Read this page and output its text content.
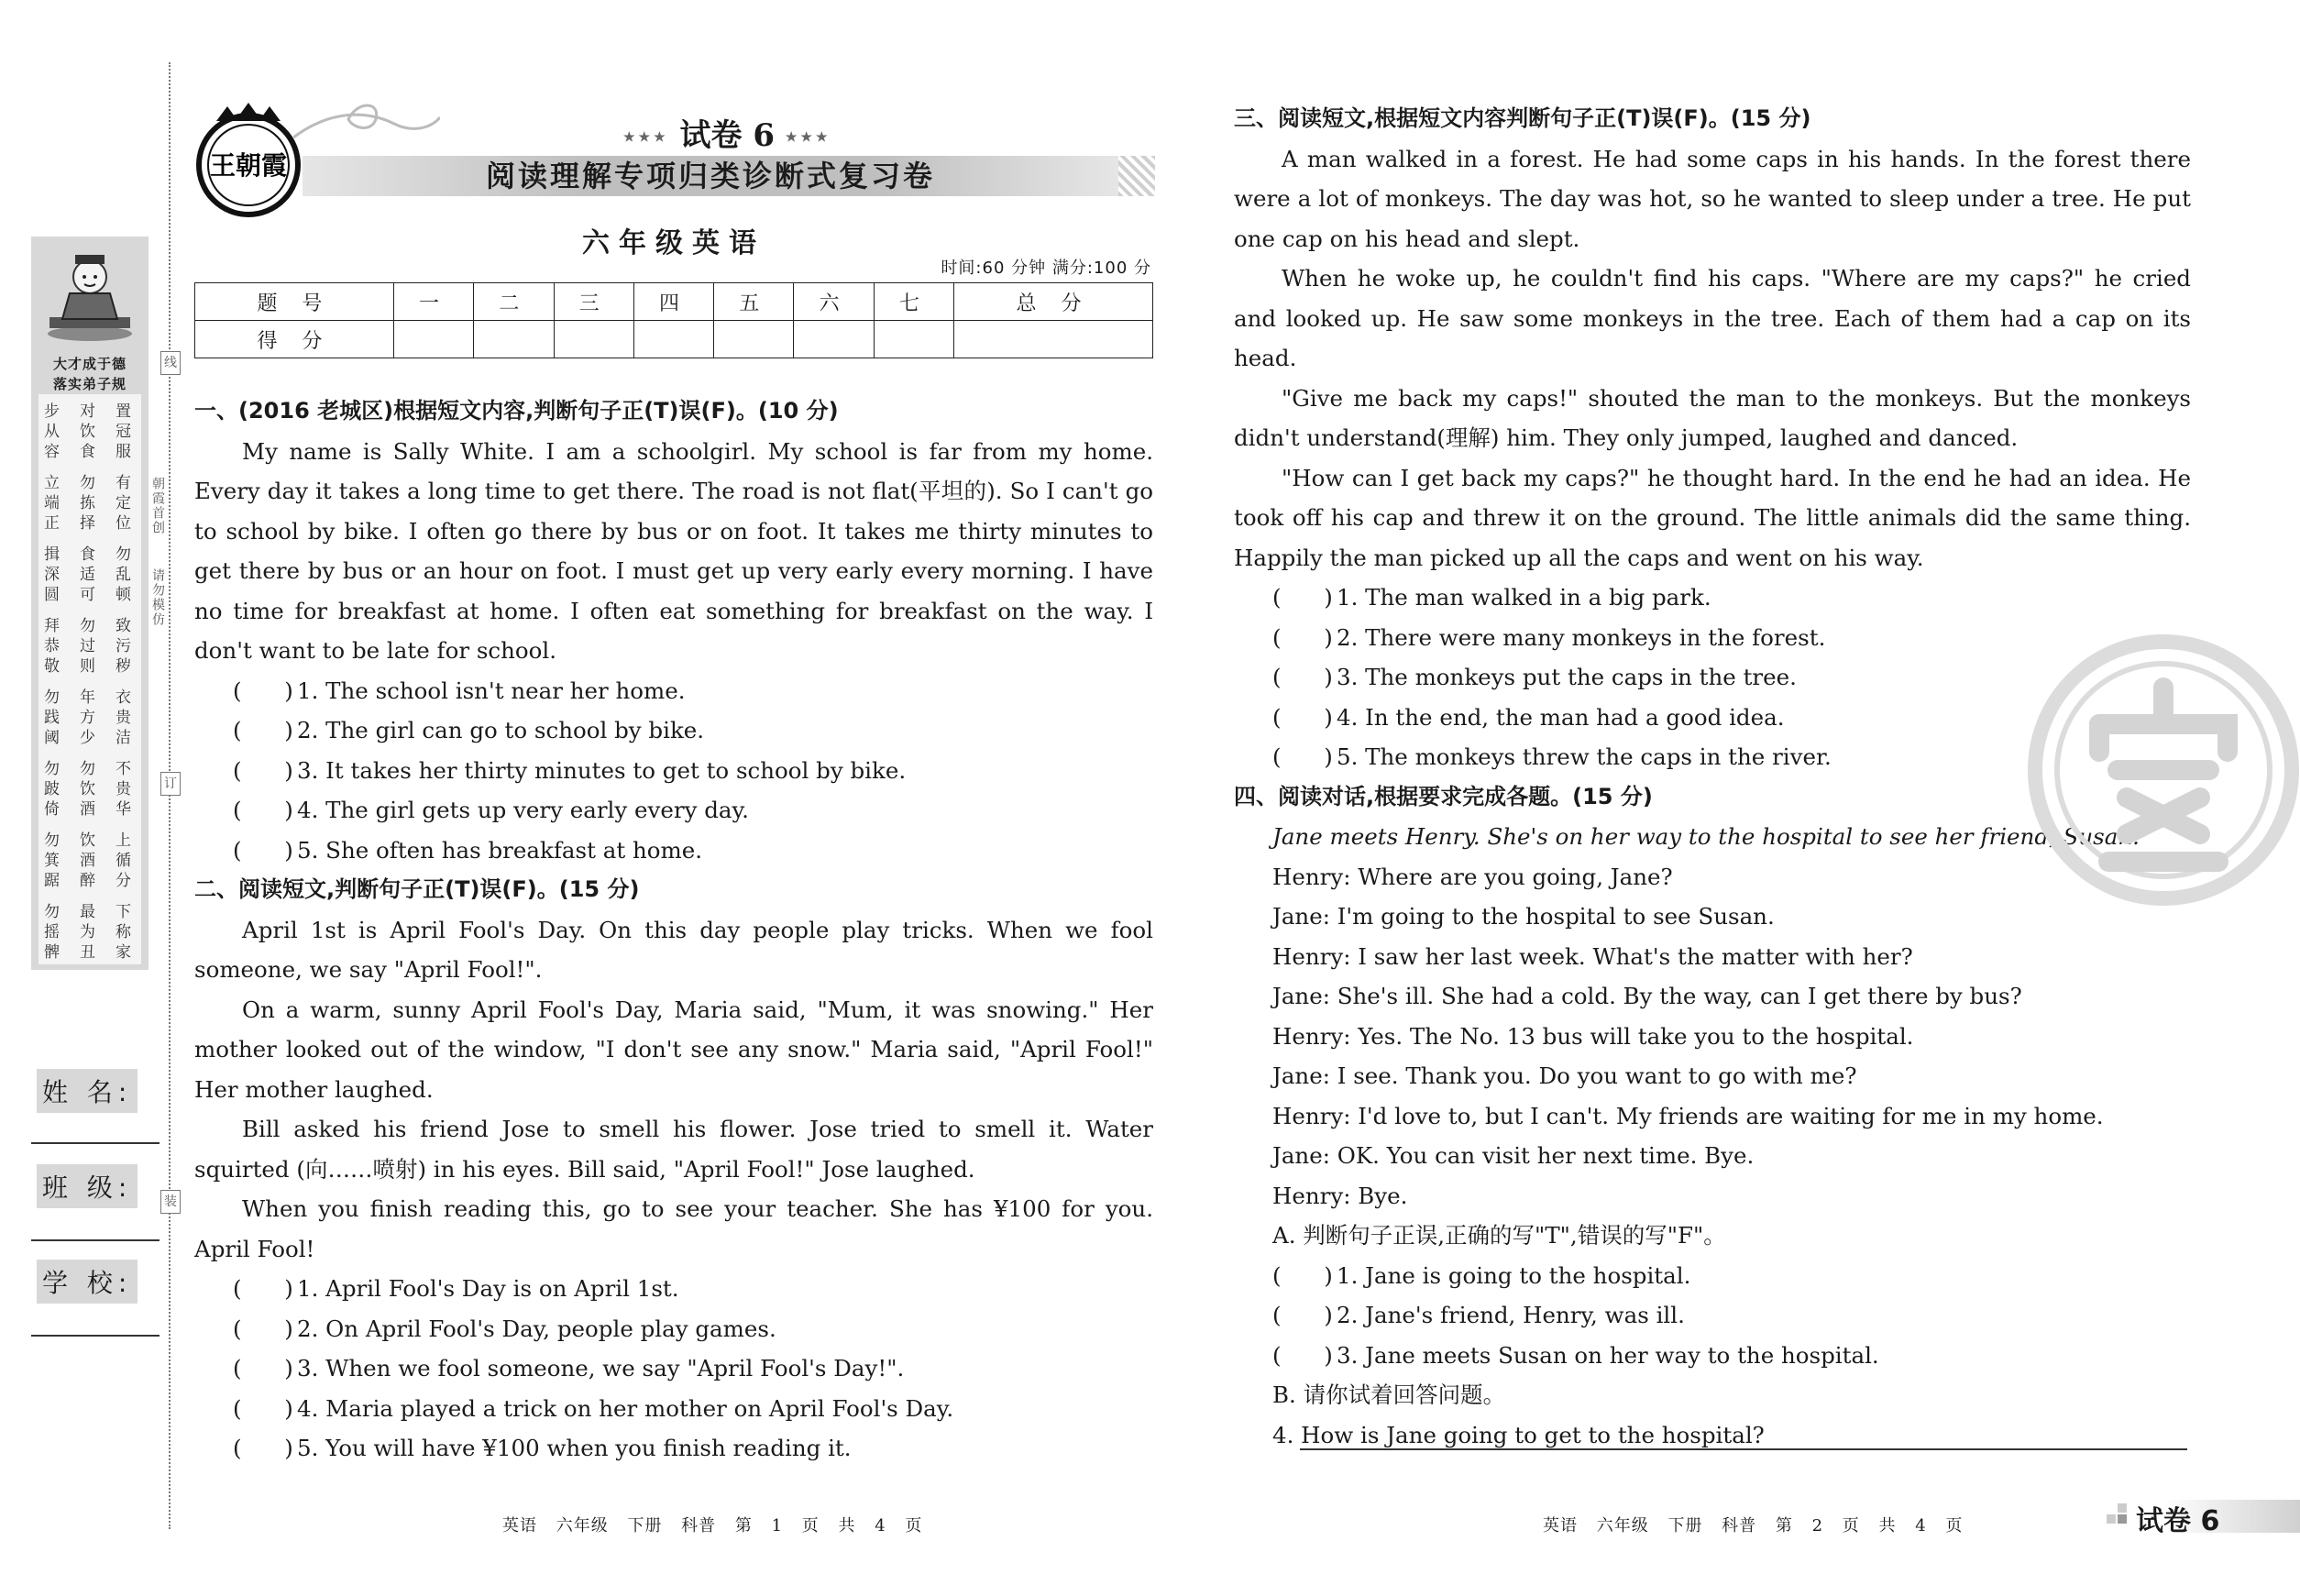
大才成于德
落实弟子规
步从容
对饮食
置冠服
立端正
勿拣择
有定位
揖深圆
食适可
勿乱顿
拜恭敬
勿过则
致污秽
勿践阈
年方少
衣贵洁
勿跛倚
勿饮酒
不贵华
勿箕踞
饮酒醉
上循分
勿摇髀
最为丑
下称家
姓 名:
班 级:
学 校:
线
订
装
朝霞首创
请勿模仿
王朝霞
★★★ 试卷 6 ★★★
阅读理解专项归类诊断式复习卷
六年级英语
时间:60 分钟 满分:100 分
题 号	一	二	三	四	五	六	七	总 分
得 分								

一、(2016 老城区)根据短文内容,判断句子正(T)误(F)。(10 分)

My name is Sally White. I am a schoolgirl. My school is far from my home. Every day it takes a long time to get there. The road is not flat(平坦的). So I can't go to school by bike. I often go there by bus or on foot. It takes me thirty minutes to get there by bus or an hour on foot. I must get up very early every morning. I have no time for breakfast at home. I often eat something for breakfast on the way. I don't want to be late for school.

(      ) 1. The school isn't near her home.

(      ) 2. The girl can go to school by bike.

(      ) 3. It takes her thirty minutes to get to school by bike.

(      ) 4. The girl gets up very early every day.

(      ) 5. She often has breakfast at home.

二、阅读短文,判断句子正(T)误(F)。(15 分)

April 1st is April Fool's Day. On this day people play tricks. When we fool someone, we say "April Fool!".

On a warm, sunny April Fool's Day, Maria said, "Mum, it was snowing." Her mother looked out of the window, "I don't see any snow." Maria said, "April Fool!" Her mother laughed.

Bill asked his friend Jose to smell his flower. Jose tried to smell it. Water squirted (向……喷射) in his eyes. Bill said, "April Fool!" Jose laughed.

When you finish reading this, go to see your teacher. She has ¥100 for you. April Fool!

(      ) 1. April Fool's Day is on April 1st.

(      ) 2. On April Fool's Day, people play games.

(      ) 3. When we fool someone, we say "April Fool's Day!".

(      ) 4. Maria played a trick on her mother on April Fool's Day.

(      ) 5. You will have ¥100 when you finish reading it.

三、阅读短文,根据短文内容判断句子正(T)误(F)。(15 分)

A man walked in a forest. He had some caps in his hands. In the forest there were a lot of monkeys. The day was hot, so he wanted to sleep under a tree. He put one cap on his head and slept.

When he woke up, he couldn't find his caps. "Where are my caps?" he cried and looked up. He saw some monkeys in the tree. Each of them had a cap on its head.

"Give me back my caps!" shouted the man to the monkeys. But the monkeys didn't understand(理解) him. They only jumped, laughed and danced.

"How can I get back my caps?" he thought hard. In the end he had an idea. He took off his cap and threw it on the ground. The little animals did the same thing. Happily the man picked up all the caps and went on his way.

(      ) 1. The man walked in a big park.

(      ) 2. There were many monkeys in the forest.

(      ) 3. The monkeys put the caps in the tree.

(      ) 4. In the end, the man had a good idea.

(      ) 5. The monkeys threw the caps in the river.

四、阅读对话,根据要求完成各题。(15 分)

Jane meets Henry. She's on her way to the hospital to see her friend, Susan.

Henry: Where are you going, Jane?

Jane: I'm going to the hospital to see Susan.

Henry: I saw her last week. What's the matter with her?

Jane: She's ill. She had a cold. By the way, can I get there by bus?

Henry: Yes. The No. 13 bus will take you to the hospital.

Jane: I see. Thank you. Do you want to go with me?

Henry: I'd love to, but I can't. My friends are waiting for me in my home.

Jane: OK. You can visit her next time. Bye.

Henry: Bye.

A. 判断句子正误,正确的写"T",错误的写"F"。

(      ) 1. Jane is going to the hospital.

(      ) 2. Jane's friend, Henry, was ill.

(      ) 3. Jane meets Susan on her way to the hospital.

B. 请你试着回答问题。

4. How is Jane going to get to the hospital?

英语 六年级 下册 科普 第 1 页 共 4 页	英语 六年级 下册 科普 第 2 页 共 4 页	试卷 6
